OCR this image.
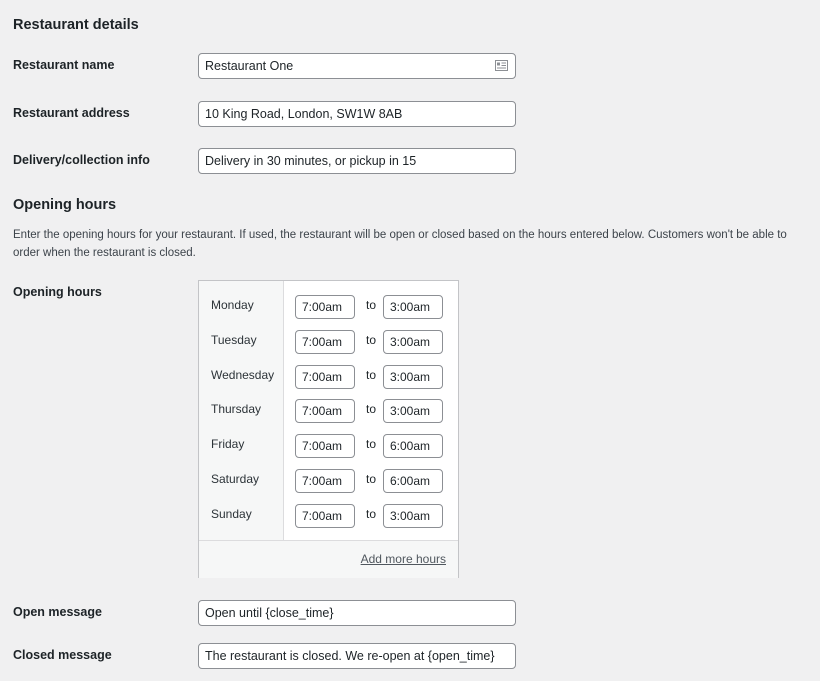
Restaurant details
Restaurant name	Restaurant One
Restaurant address	10 King Road, London, SW1W 8AB
Delivery/collection info	Delivery in 30 minutes, or pickup in 15
Opening hours
Enter the opening hours for your restaurant. If used, the restaurant will be open or closed based on the hours entered below. Customers won't be able to order when the restaurant is closed.
Opening hours
Monday	7:00am	to	3:00am
Tuesday	7:00am	to	3:00am
Wednesday	7:00am	to	3:00am
Thursday	7:00am	to	3:00am
Friday	7:00am	to	6:00am
Saturday	7:00am	to	6:00am
Sunday	7:00am	to	3:00am
Add more hours
Open message	Open until {close_time}
Closed message	The restaurant is closed. We re-open at {open_time}
